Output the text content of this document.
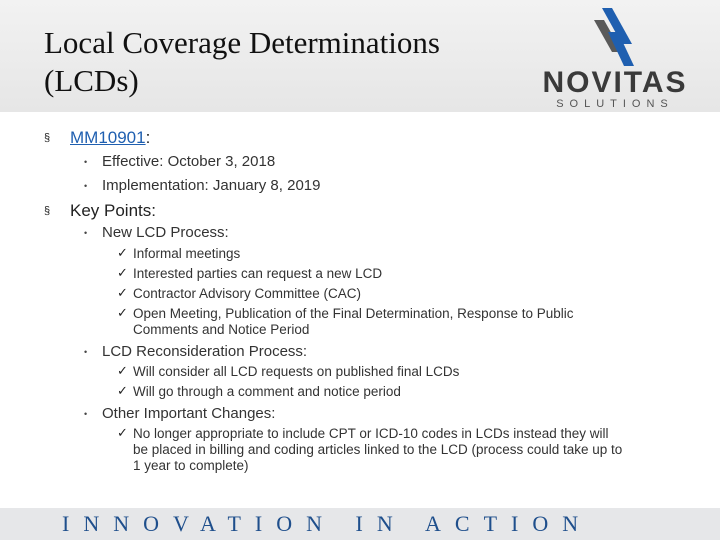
Local Coverage Determinations
(LCDs)	NOVITAS
SOLUTIONS
§ MM10901:
• Effective: October 3, 2018
• Implementation: January 8, 2019
§ Key Points:
• New LCD Process:
✓ Informal meetings
✓ Interested parties can request a new LCD
✓ Contractor Advisory Committee (CAC)
✓ Open Meeting, Publication of the Final Determination, Response to Public
Comments and Notice Period
• LCD Reconsideration Process:
✓ Will consider all LCD requests on published final LCDs
✓ Will go through a comment and notice period
• Other Important Changes:
✓ No longer appropriate to include CPT or ICD-10 codes in LCDs instead they will
be placed in billing and coding articles linked to the LCD (process could take up to
1 year to complete)
INNOVATION IN ACTION
